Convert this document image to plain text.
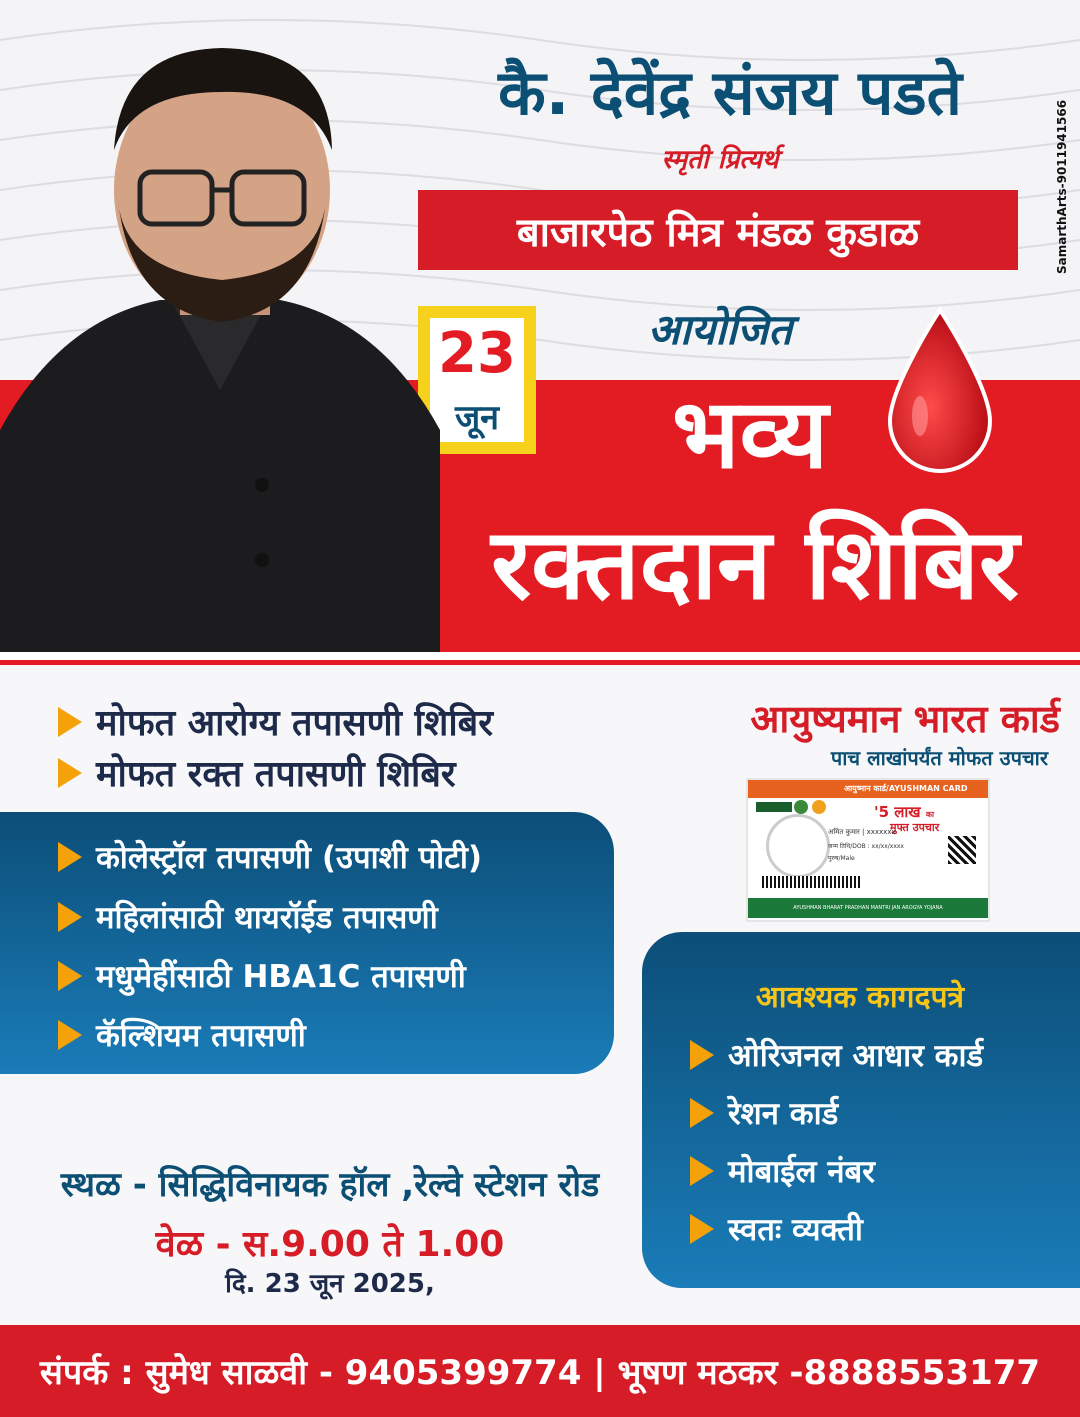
कै. देवेंद्र संजय पडते
स्मृती प्रित्यर्थ
बाजारपेठ मित्र मंडळ कुडाळ
आयोजित
23
जून	भव्य
रक्तदान शिबिर
मोफत आरोग्य तपासणी शिबिर
मोफत रक्त तपासणी शिबिर
कोलेस्ट्रॉल तपासणी (उपाशी पोटी)
महिलांसाठी थायरॉईड तपासणी
मधुमेहींसाठी HBA1C तपासणी
कॅल्शियम तपासणी
आयुष्यमान भारत कार्ड
पाच लाखांपर्यंत मोफत उपचार
आयुष्मान कार्ड/AYUSHMAN CARD
'5 लाख का
मुफ्त उपचार
अमित कुमार | xxxxxxx
जन्म तिथि/DOB : xx/xx/xxxx
पुरुष/Male
AYUSHMAN BHARAT PRADHAN MANTRI JAN AROGYA YOJANA
आवश्यक कागदपत्रे
ओरिजनल आधार कार्ड
रेशन कार्ड
मोबाईल नंबर
स्वतः व्यक्ती
स्थळ - सिद्धिविनायक हॉल ,रेल्वे स्टेशन रोड
वेळ - स.9.00 ते 1.00
दि. 23 जून 2025,
संपर्क : सुमेध साळवी - 9405399774 | भूषण मठकर -8888553177
SamarthArts-9011941566
